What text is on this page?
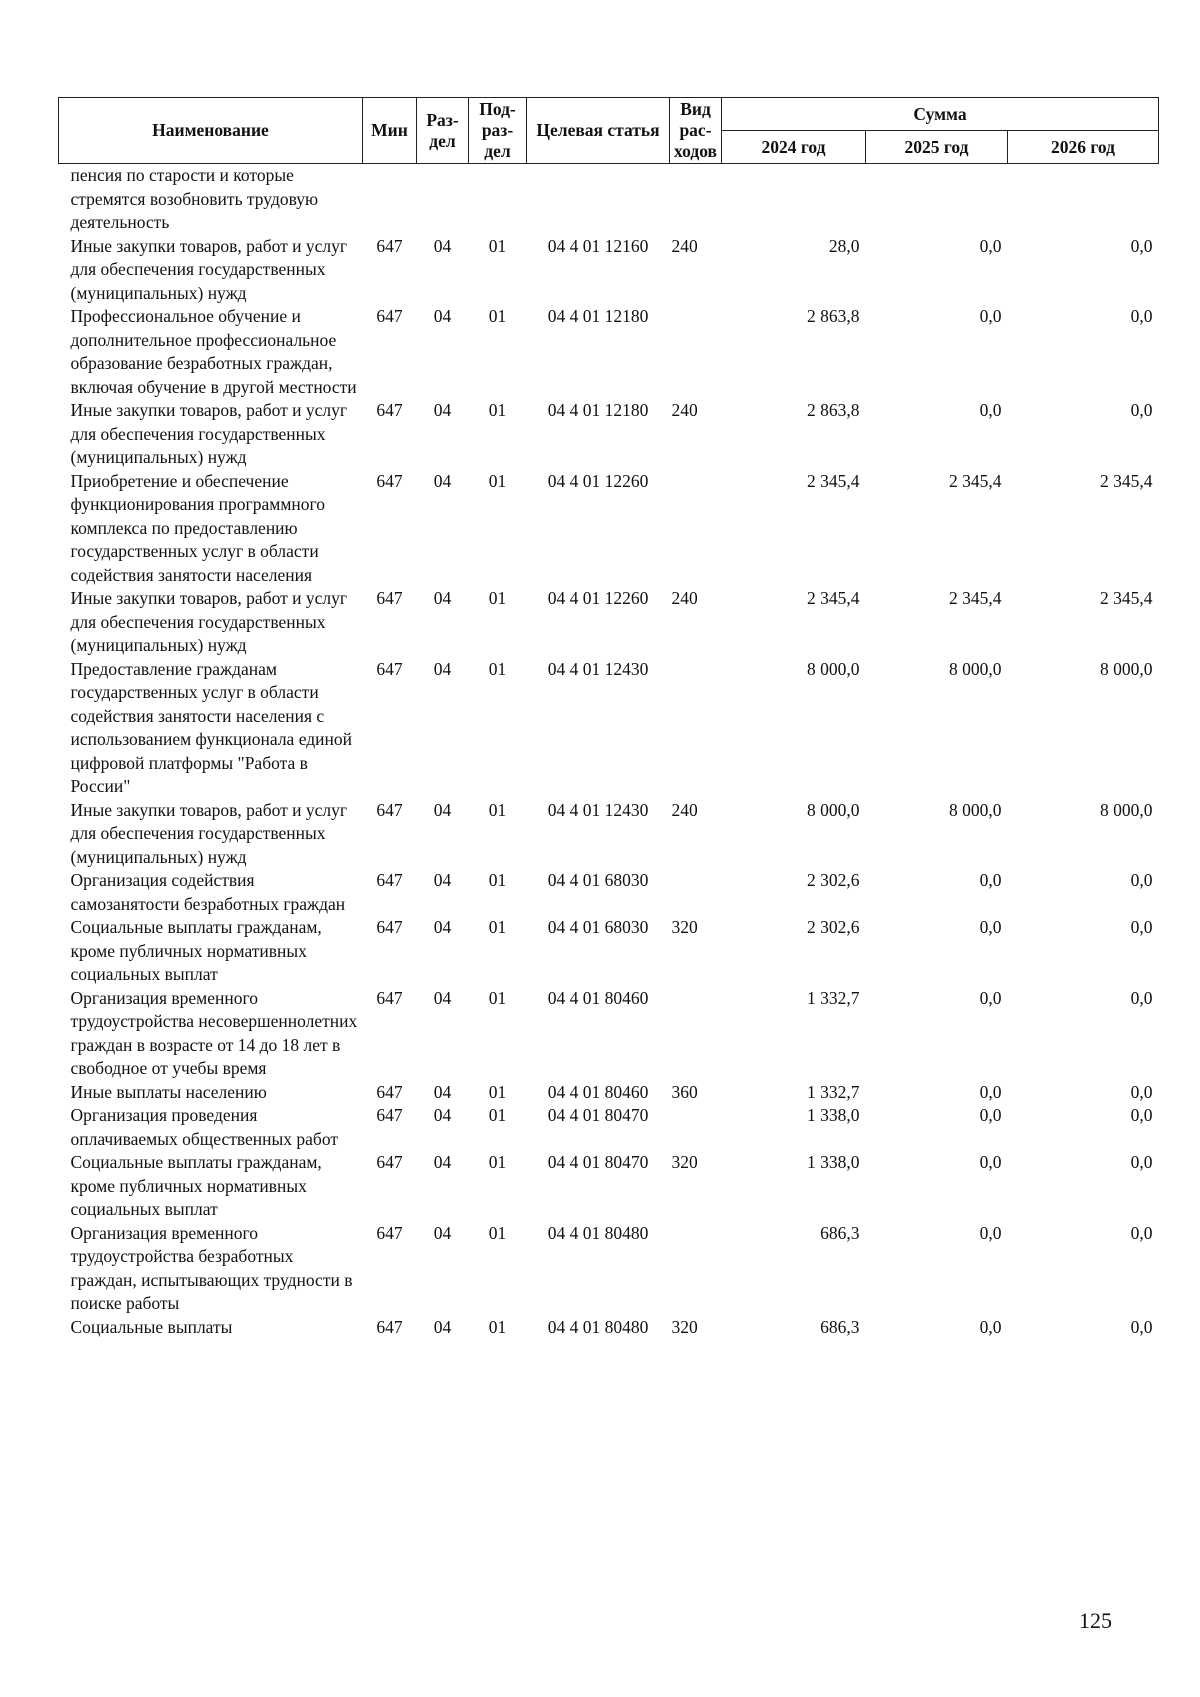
Наименование	Мин	Раз-дел	Под-раз-дел	Целевая статья	Вид рас-ходов	Сумма		
						2024 год	2025 год	2026 год
пенсия по старости и которые стремятся возобновить трудовую деятельность								
Иные закупки товаров, работ и услуг для обеспечения государственных (муниципальных) нужд	647	04	01	04 4 01 12160	240	28,0	0,0	0,0
Профессиональное обучение и дополнительное профессиональное образование безработных граждан, включая обучение в другой местности	647	04	01	04 4 01 12180		2 863,8	0,0	0,0
Иные закупки товаров, работ и услуг для обеспечения государственных (муниципальных) нужд	647	04	01	04 4 01 12180	240	2 863,8	0,0	0,0
Приобретение и обеспечение функционирования программного комплекса по предоставлению государственных услуг в области содействия занятости населения	647	04	01	04 4 01 12260		2 345,4	2 345,4	2 345,4
Иные закупки товаров, работ и услуг для обеспечения государственных (муниципальных) нужд	647	04	01	04 4 01 12260	240	2 345,4	2 345,4	2 345,4
Предоставление гражданам государственных услуг в области содействия занятости населения с использованием функционала единой цифровой платформы "Работа в России"	647	04	01	04 4 01 12430		8 000,0	8 000,0	8 000,0
Иные закупки товаров, работ и услуг для обеспечения государственных (муниципальных) нужд	647	04	01	04 4 01 12430	240	8 000,0	8 000,0	8 000,0
Организация содействия самозанятости безработных граждан	647	04	01	04 4 01 68030		2 302,6	0,0	0,0
Социальные выплаты гражданам, кроме публичных нормативных социальных выплат	647	04	01	04 4 01 68030	320	2 302,6	0,0	0,0
Организация временного трудоустройства несовершеннолетних граждан в возрасте от 14 до 18 лет в свободное от учебы время	647	04	01	04 4 01 80460		1 332,7	0,0	0,0
Иные выплаты населению	647	04	01	04 4 01 80460	360	1 332,7	0,0	0,0
Организация проведения оплачиваемых общественных работ	647	04	01	04 4 01 80470		1 338,0	0,0	0,0
Социальные выплаты гражданам, кроме публичных нормативных социальных выплат	647	04	01	04 4 01 80470	320	1 338,0	0,0	0,0
Организация временного трудоустройства безработных граждан, испытывающих трудности в поиске работы	647	04	01	04 4 01 80480		686,3	0,0	0,0
Социальные выплаты	647	04	01	04 4 01 80480	320	686,3	0,0	0,0
125
